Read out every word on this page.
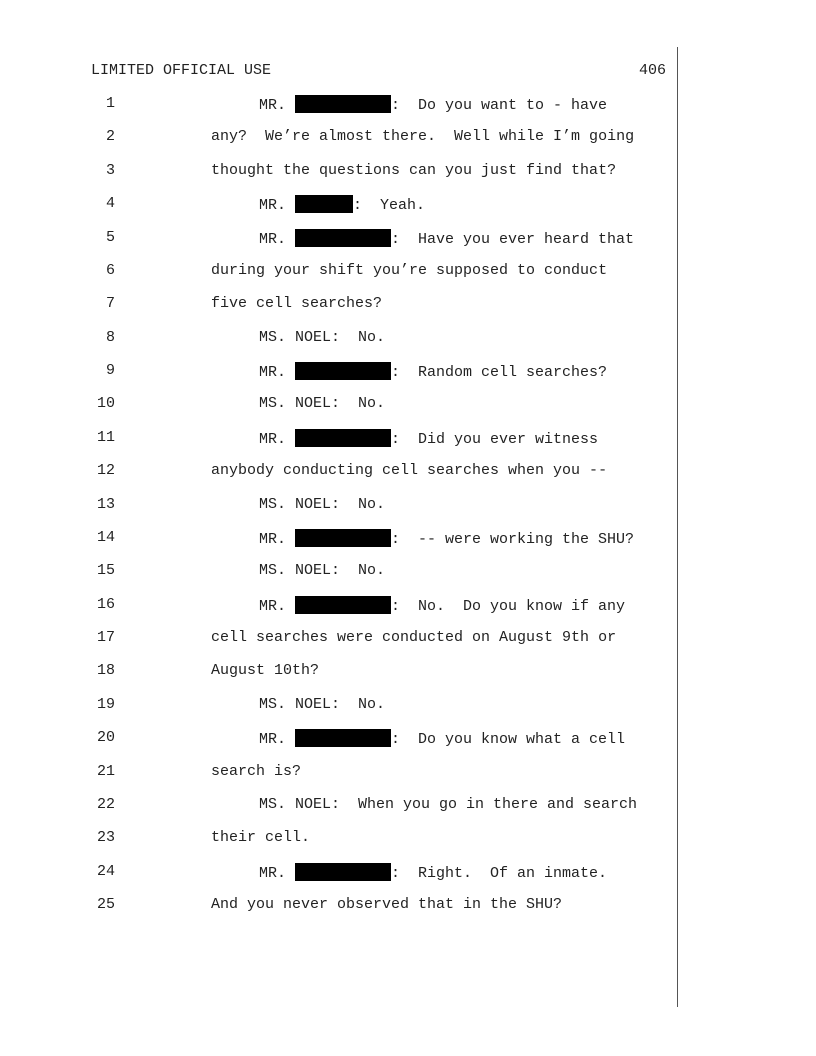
LIMITED OFFICIAL USE	406
1	MR.	:  Do you want to - have
2	any?  We’re almost there.  Well while I’m going
3	thought the questions can you just find that?
4	MR.	:  Yeah.
5	MR.	:  Have you ever heard that
6	during your shift you’re supposed to conduct
7	five cell searches?
8	MS. NOEL:  No.
9	MR.	:  Random cell searches?
10	MS. NOEL:  No.
11	MR.	:  Did you ever witness
12	anybody conducting cell searches when you --
13	MS. NOEL:  No.
14	MR.	:  -- were working the SHU?
15	MS. NOEL:  No.
16	MR.	:  No.  Do you know if any
17	cell searches were conducted on August 9th or
18	August 10th?
19	MS. NOEL:  No.
20	MR.	:  Do you know what a cell
21	search is?
22	MS. NOEL:  When you go in there and search
23	their cell.
24	MR.	:  Right.  Of an inmate.
25	And you never observed that in the SHU?
